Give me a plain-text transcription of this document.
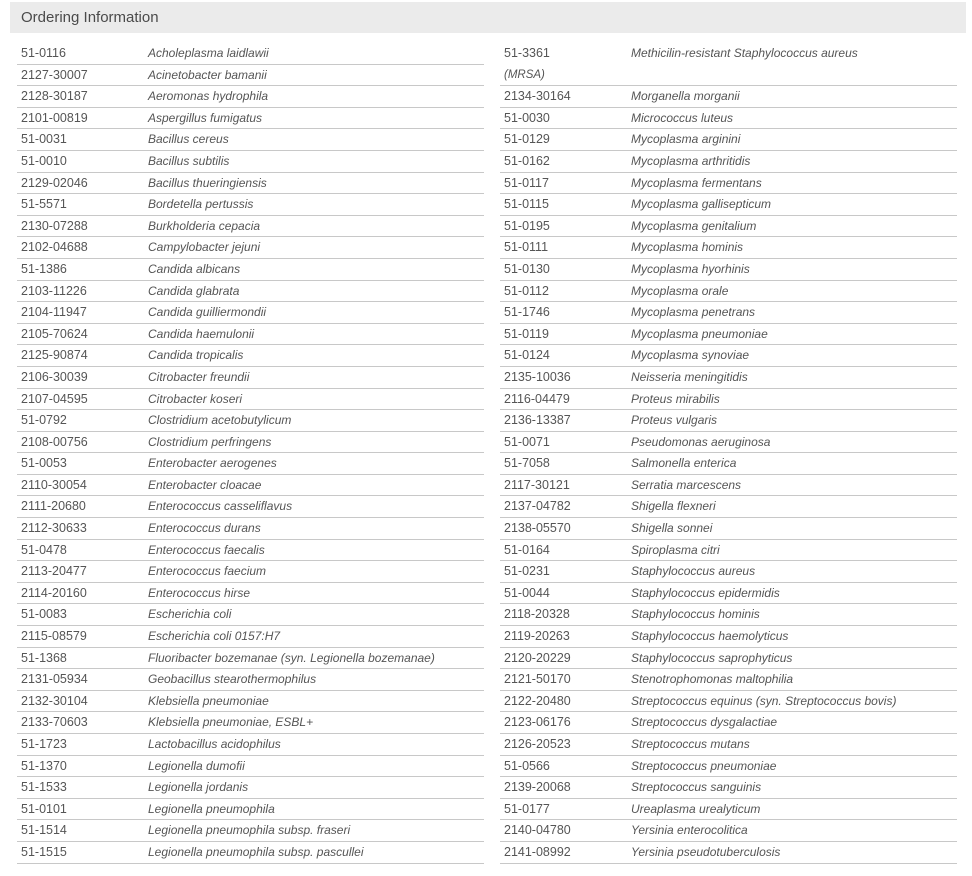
Ordering Information
51-0116	Acholeplasma laidlawii
2127-30007	Acinetobacter bamanii
2128-30187	Aeromonas hydrophila
2101-00819	Aspergillus fumigatus
51-0031	Bacillus cereus
51-0010	Bacillus subtilis
2129-02046	Bacillus thueringiensis
51-5571	Bordetella pertussis
2130-07288	Burkholderia cepacia
2102-04688	Campylobacter jejuni
51-1386	Candida albicans
2103-11226	Candida glabrata
2104-11947	Candida guilliermondii
2105-70624	Candida haemulonii
2125-90874	Candida tropicalis
2106-30039	Citrobacter freundii
2107-04595	Citrobacter koseri
51-0792	Clostridium acetobutylicum
2108-00756	Clostridium perfringens
51-0053	Enterobacter aerogenes
2110-30054	Enterobacter cloacae
2111-20680	Enterococcus casseliflavus
2112-30633	Enterococcus durans
51-0478	Enterococcus faecalis
2113-20477	Enterococcus faecium
2114-20160	Enterococcus hirse
51-0083	Escherichia coli
2115-08579	Escherichia coli 0157:H7
51-1368	Fluoribacter bozemanae (syn. Legionella bozemanae)
2131-05934	Geobacillus stearothermophilus
2132-30104	Klebsiella pneumoniae
2133-70603	Klebsiella pneumoniae, ESBL+
51-1723	Lactobacillus acidophilus
51-1370	Legionella dumofii
51-1533	Legionella jordanis
51-0101	Legionella pneumophila
51-1514	Legionella pneumophila subsp. fraseri
51-1515	Legionella pneumophila subsp. pascullei
51-3361	Methicilin-resistant Staphylococcus aureus
(MRSA)
2134-30164	Morganella morganii
51-0030	Micrococcus luteus
51-0129	Mycoplasma arginini
51-0162	Mycoplasma arthritidis
51-0117	Mycoplasma fermentans
51-0115	Mycoplasma gallisepticum
51-0195	Mycoplasma genitalium
51-0111	Mycoplasma hominis
51-0130	Mycoplasma hyorhinis
51-0112	Mycoplasma orale
51-1746	Mycoplasma penetrans
51-0119	Mycoplasma pneumoniae
51-0124	Mycoplasma synoviae
2135-10036	Neisseria meningitidis
2116-04479	Proteus mirabilis
2136-13387	Proteus vulgaris
51-0071	Pseudomonas aeruginosa
51-7058	Salmonella enterica
2117-30121	Serratia marcescens
2137-04782	Shigella flexneri
2138-05570	Shigella sonnei
51-0164	Spiroplasma citri
51-0231	Staphylococcus aureus
51-0044	Staphylococcus epidermidis
2118-20328	Staphylococcus hominis
2119-20263	Staphylococcus haemolyticus
2120-20229	Staphylococcus saprophyticus
2121-50170	Stenotrophomonas maltophilia
2122-20480	Streptococcus equinus (syn. Streptococcus bovis)
2123-06176	Streptococcus dysgalactiae
2126-20523	Streptococcus mutans
51-0566	Streptococcus pneumoniae
2139-20068	Streptococcus sanguinis
51-0177	Ureaplasma urealyticum
2140-04780	Yersinia enterocolitica
2141-08992	Yersinia pseudotuberculosis
